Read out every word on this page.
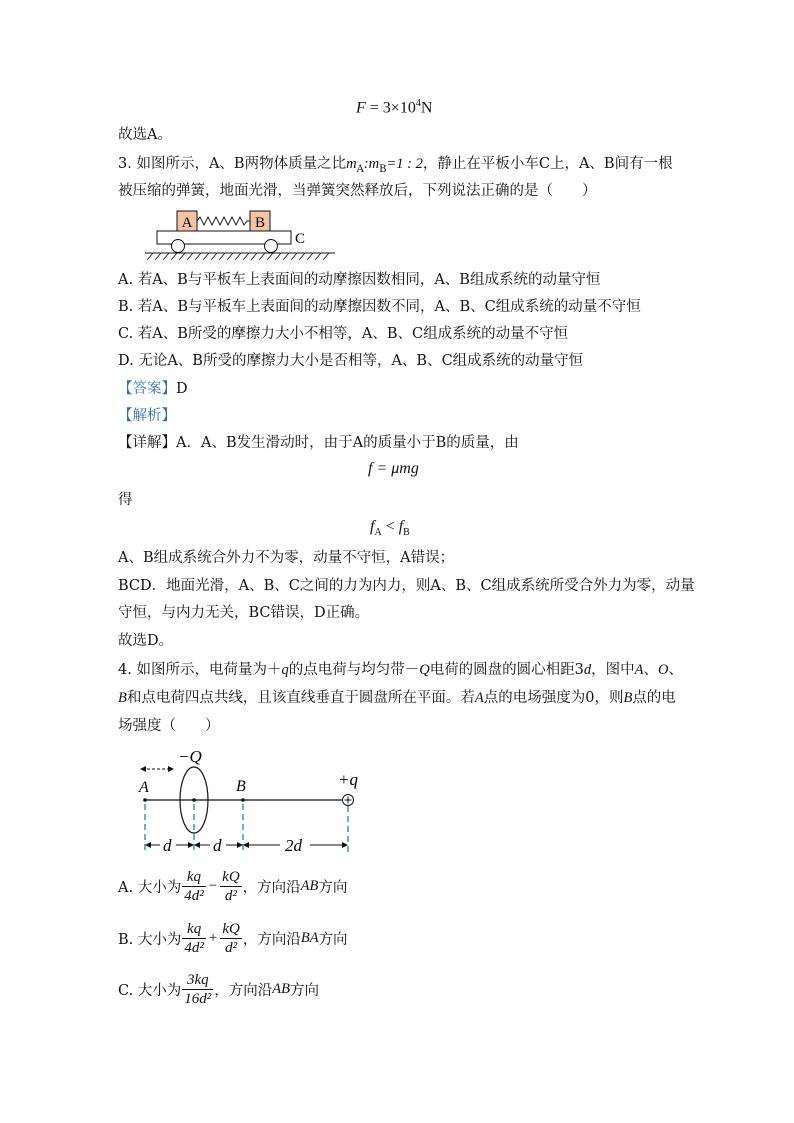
$F = 3\times 10^4N$
故选A。
3. 如图所示，A、B两物体质量之比$m_A:m_B=1$ : 2，静止在平板小车C上，A、B间有一根
被压缩的弹簧，地面光滑，当弹簧突然释放后，下列说法正确的是（　　）
A	B
C
A. 若A、B与平板车上表面间的动摩擦因数相同，A、B组成系统的动量守恒
B. 若A、B与平板车上表面间的动摩擦因数不同，A、B、C组成系统的动量不守恒
C. 若A、B所受的摩擦力大小不相等，A、B、C组成系统的动量不守恒
D. 无论A、B所受的摩擦力大小是否相等，A、B、C组成系统的动量守恒
【答案】D
【解析】
【详解】A．A、B发生滑动时，由于A的质量小于B的质量，由
f = μmg
得
$f_A < f_B$
A、B组成系统合外力不为零，动量不守恒，A错误；
BCD．地面光滑，A、B、C之间的力为内力，则A、B、C组成系统所受合外力为零，动量
守恒，与内力无关，BC错误，D正确。
故选D。
4. 如图所示，电荷量为＋q的点电荷与均匀带－Q电荷的圆盘的圆心相距3d，图中A、O、
B和点电荷四点共线，且该直线垂直于圆盘所在平面。若A点的电场强度为0，则B点的电
场强度（　　）
−Q
A	B	+q
d d	2d
A. 大小为 $\frac{kq}{\text{4d²}} - \frac{kQ}{\text{d²}}$ ，方向沿 AB 方向
B. 大小为 $\frac{kq}{\text{4d²}} + \frac{kQ}{\text{d²}}$ ，方向沿 BA 方向
C. 大小为 $\frac{3kq}{\text{16d²}}$ ，方向沿 AB 方向
